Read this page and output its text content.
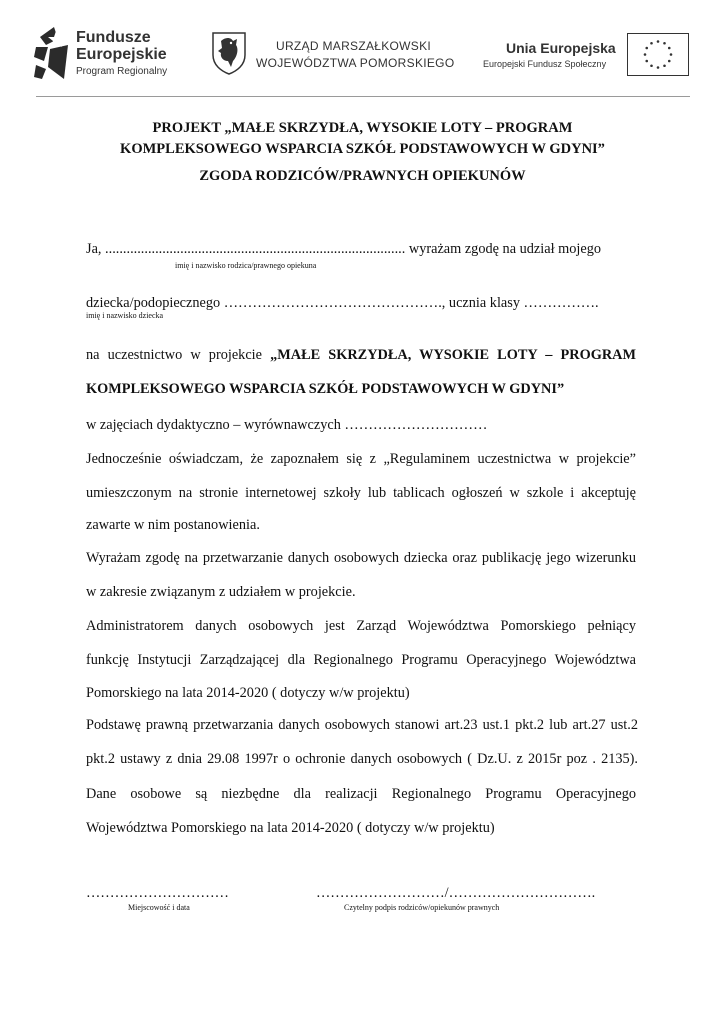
Fundusze
Europejskie
Program Regionalny
URZĄD MARSZAŁKOWSKI
WOJEWÓDZTWA POMORSKIEGO
Unia Europejska
Europejski Fundusz Społeczny
PROJEKT „MAŁE SKRZYDŁA, WYSOKIE LOTY – PROGRAM
KOMPLEKSOWEGO WSPARCIA SZKÓŁ PODSTAWOWYCH W GDYNI”
ZGODA RODZICÓW/PRAWNYCH OPIEKUNÓW
Ja, .................................................................................... wyrażam zgodę na udział mojego
imię i nazwisko rodzica/prawnego opiekuna
dziecka/podopiecznego ………………………………………., ucznia klasy …………….
imię i nazwisko dziecka
na uczestnictwo w projekcie „MAŁE SKRZYDŁA, WYSOKIE LOTY – PROGRAM
KOMPLEKSOWEGO WSPARCIA SZKÓŁ PODSTAWOWYCH W GDYNI”
w zajęciach dydaktyczno – wyrównawczych …………………………
Jednocześnie oświadczam, że zapoznałem się z „Regulaminem uczestnictwa w projekcie”
umieszczonym na stronie internetowej szkoły lub tablicach ogłoszeń w szkole i akceptuję
zawarte w nim postanowienia.
Wyrażam zgodę na przetwarzanie danych osobowych dziecka oraz publikację jego wizerunku
w zakresie związanym z udziałem w projekcie.
Administratorem danych osobowych jest Zarząd Województwa Pomorskiego pełniący
funkcję Instytucji Zarządzającej dla Regionalnego Programu Operacyjnego Województwa
Pomorskiego na lata 2014-2020 ( dotyczy w/w projektu)
Podstawę prawną przetwarzania danych osobowych stanowi art.23 ust.1 pkt.2 lub art.27 ust.2
pkt.2 ustawy z dnia 29.08 1997r o ochronie danych osobowych ( Dz.U. z 2015r poz . 2135).
Dane osobowe są niezbędne dla realizacji Regionalnego Programu Operacyjnego
Województwa Pomorskiego na lata 2014-2020 ( dotyczy w/w projektu)
…………………………
Miejscowość i data
………………………/………………………….
Czytelny podpis rodziców/opiekunów prawnych
